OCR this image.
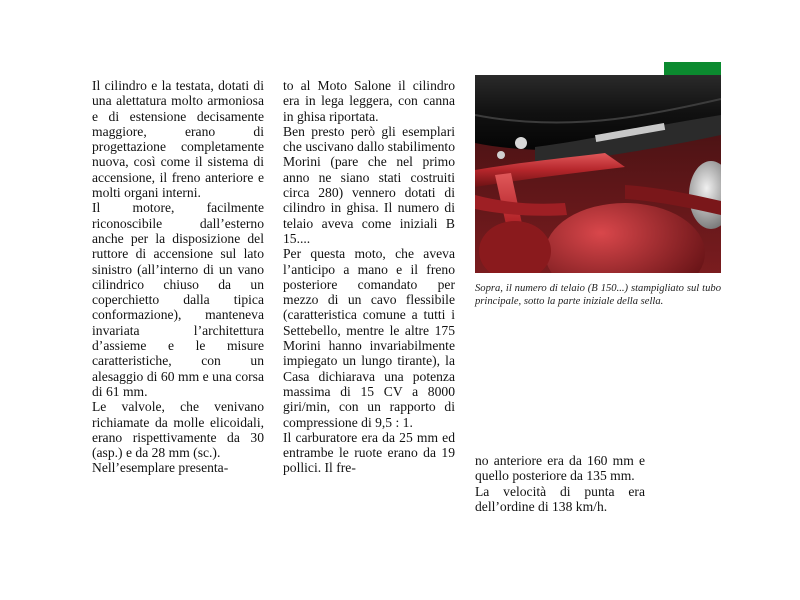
Il cilindro e la testata, dotati di una alettatura molto armoniosa e di estensione decisamente maggiore, erano di progettazione completamente nuova, così come il sistema di accensione, il freno anteriore e molti organi interni.

Il motore, facilmente riconoscibile dall’esterno anche per la disposizione del ruttore di accensione sul lato sinistro (all’interno di un vano cilindrico chiuso da un coperchietto dalla tipica conformazione), manteneva invariata l’architettura d’assieme e le misure caratteristiche, con un alesaggio di 60 mm e una corsa di 61 mm.

Le valvole, che venivano richiamate da molle elicoidali, erano rispettivamente da 30 (asp.) e da 28 mm (sc.).

Nell’esemplare presenta-

to al Moto Salone il cilindro era in lega leggera, con canna in ghisa riportata.

Ben presto però gli esemplari che uscivano dallo stabilimento Morini (pare che nel primo anno ne siano stati costruiti circa 280) vennero dotati di cilindro in ghisa. Il numero di telaio aveva come iniziali B 15....

Per questa moto, che aveva l’anticipo a mano e il freno posteriore comandato per mezzo di un cavo flessibile (caratteristica comune a tutti i Settebello, mentre le altre 175 Morini hanno invariabilmente impiegato un lungo tirante), la Casa dichiarava una potenza massima di 15 CV a 8000 giri/min, con un rapporto di compressione di 9,5 : 1.

Il carburatore era da 25 mm ed entrambe le ruote erano da 19 pollici. Il fre-

Sopra, il numero di telaio (B 150...) stampigliato sul tubo principale, sotto la parte iniziale della sella.

no anteriore era da 160 mm e quello posteriore da 135 mm.

La velocità di punta era dell’ordine di 138 km/h.
